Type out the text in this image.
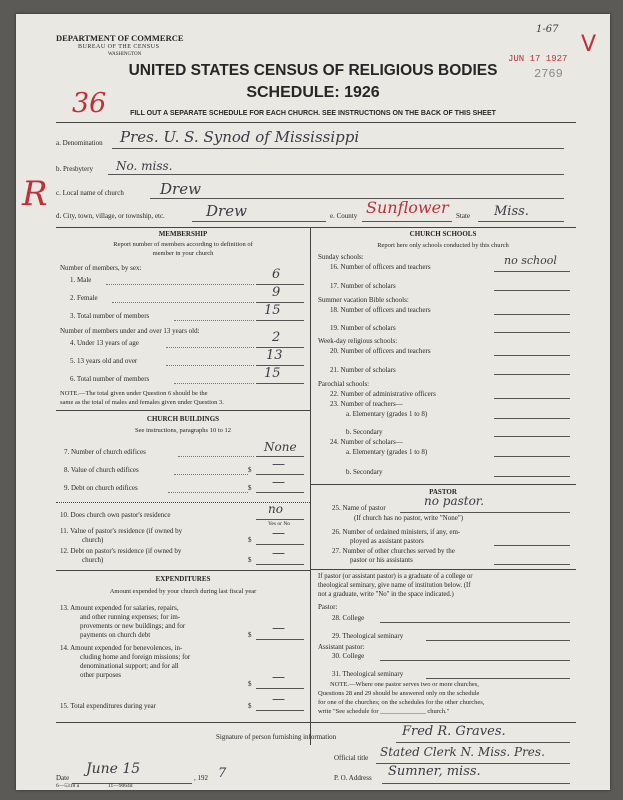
DEPARTMENT OF COMMERCE
BUREAU OF THE CENSUS
WASHINGTON
1-67
V
JUN 17 1927
2769
UNITED STATES CENSUS OF RELIGIOUS BODIES
SCHEDULE: 1926
36	FILL OUT A SEPARATE SCHEDULE FOR EACH CHURCH. SEE INSTRUCTIONS ON THE BACK OF THIS SHEET
a. Denomination Pres. U. S. Synod of Mississippi
b. Presbytery No. miss.
c. Local name of church Drew
R
d. City, town, village, or township, etc.	Drew	e. County Sunflower State Miss.
MEMBERSHIP
Report number of members according to definition of
member in your church
Number of members, by sex:
1. Male	6
2. Female	9
3. Total number of members	15
Number of members under and over 13 years old:
4. Under 13 years of age	2
5. 13 years old and over	13
6. Total number of members	15
NOTE.—The total given under Question 6 should be the
same as the total of males and females given under Question 3.
CHURCH BUILDINGS
See instructions, paragraphs 10 to 12
7. Number of church edifices	None
8. Value of church edifices	$ —
9. Debt on church edifices	$ —
10. Does church own pastor's residence	no
Yes or No
11. Value of pastor's residence (if owned by
church)	$ —
12. Debt on pastor's residence (if owned by
church)	$ —
EXPENDITURES
Amount expended by your church during last fiscal year
13. Amount expended for salaries, repairs,
and other running expenses; for im-
provements or new buildings; and for
payments on church debt	$ —
14. Amount expended for benevolences, in-
cluding home and foreign missions; for
denominational support; and for all
other purposes
$ —
15. Total expenditures during year	$ —
CHURCH SCHOOLS
Report here only schools conducted by this church
Sunday schools:
16. Number of officers and teachers	no school
17. Number of scholars
Summer vacation Bible schools:
18. Number of officers and teachers
19. Number of scholars
Week-day religious schools:
20. Number of officers and teachers
21. Number of scholars
Parochial schools:
22. Number of administrative officers
23. Number of teachers—
a. Elementary (grades 1 to 8)
b. Secondary
24. Number of scholars—
a. Elementary (grades 1 to 8)
b. Secondary
PASTOR
25. Name of pastor	no pastor.
(If church has no pastor, write "None")
26. Number of ordained ministers, if any, em-
ployed as assistant pastors
27. Number of other churches served by the
pastor or his assistants
If pastor (or assistant pastor) is a graduate of a college or
theological seminary, give name of institution below. (If
not a graduate, write "No" in the space indicated.)
Pastor:
28. College
29. Theological seminary
Assistant pastor:
30. College
31. Theological seminary
NOTE.—Where one pastor serves two or more churches,
Questions 28 and 29 should be answered only on the schedule
for one of the churches; on the schedules for the other churches,
write "See schedule for ______________ church."
Signature of person furnishing information	Fred R. Graves.
Official title Stated Clerk N. Miss. Pres.
Date
June 15
, 192 7	P. O. Address Sumner, miss.
6—5318 a	11—9064d
